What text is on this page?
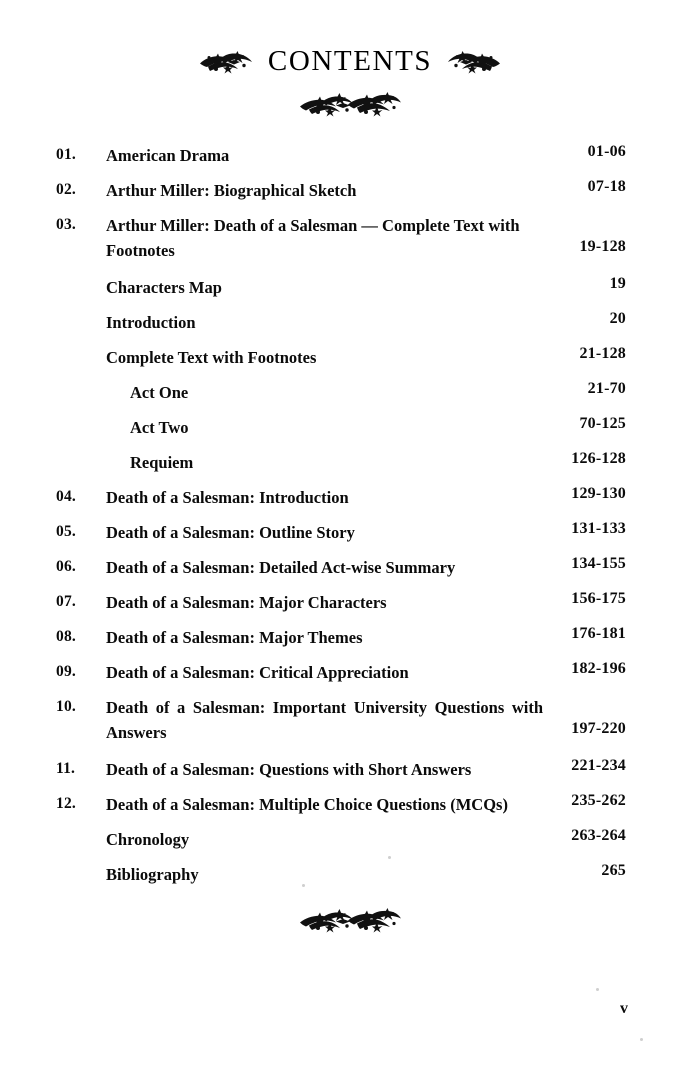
CONTENTS
01.	American Drama	01-06
02.	Arthur Miller: Biographical Sketch	07-18
03.	Arthur Miller: Death of a Salesman — Complete Text with Footnotes	19-128
Characters Map	19
Introduction	20
Complete Text with Footnotes	21-128
Act One	21-70
Act Two	70-125
Requiem	126-128
04.	Death of a Salesman: Introduction	129-130
05.	Death of a Salesman: Outline Story	131-133
06.	Death of a Salesman: Detailed Act-wise Summary	134-155
07.	Death of a Salesman: Major Characters	156-175
08.	Death of a Salesman: Major Themes	176-181
09.	Death of a Salesman: Critical Appreciation	182-196
10.	Death of a Salesman: Important University Questions with Answers	197-220
11.	Death of a Salesman: Questions with Short Answers	221-234
12.	Death of a Salesman: Multiple Choice Questions (MCQs)	235-262
Chronology	263-264
Bibliography	265
v
